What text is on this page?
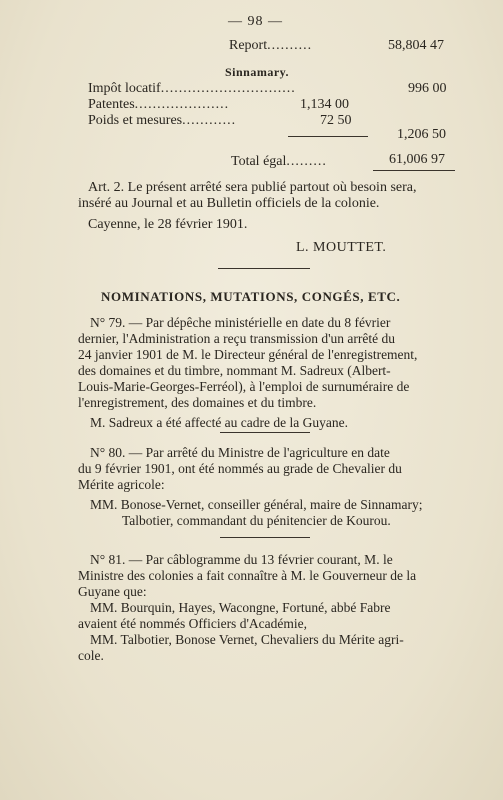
— 98 —
Report..........	58,804 47
Sinnamary.
Impôt locatif..............................	996 00
Patentes.....................	1,134 00
Poids et mesures............	72 50
1,206 50
Total égal.........	61,006 97
Art. 2. Le présent arrêté sera publié partout où besoin sera,
inséré au Journal et au Bulletin officiels de la colonie.
Cayenne, le 28 février 1901.
L. MOUTTET.
NOMINATIONS, MUTATIONS, CONGÉS, ETC.
N° 79. — Par dépêche ministérielle en date du 8 février
dernier, l'Administration a reçu transmission d'un arrêté du
24 janvier 1901 de M. le Directeur général de l'enregistrement,
des domaines et du timbre, nommant M. Sadreux (Albert-
Louis-Marie-Georges-Ferréol), à l'emploi de surnuméraire de
l'enregistrement, des domaines et du timbre.
M. Sadreux a été affecté au cadre de la Guyane.
N° 80. — Par arrêté du Ministre de l'agriculture en date
du 9 février 1901, ont été nommés au grade de Chevalier du
Mérite agricole:
MM. Bonose-Vernet, conseiller général, maire de Sinnamary;
Talbotier, commandant du pénitencier de Kourou.
N° 81. — Par câblogramme du 13 février courant, M. le
Ministre des colonies a fait connaître à M. le Gouverneur de la
Guyane que:
MM. Bourquin, Hayes, Wacongne, Fortuné, abbé Fabre
avaient été nommés Officiers d'Académie,
MM. Talbotier, Bonose Vernet, Chevaliers du Mérite agri-
cole.
